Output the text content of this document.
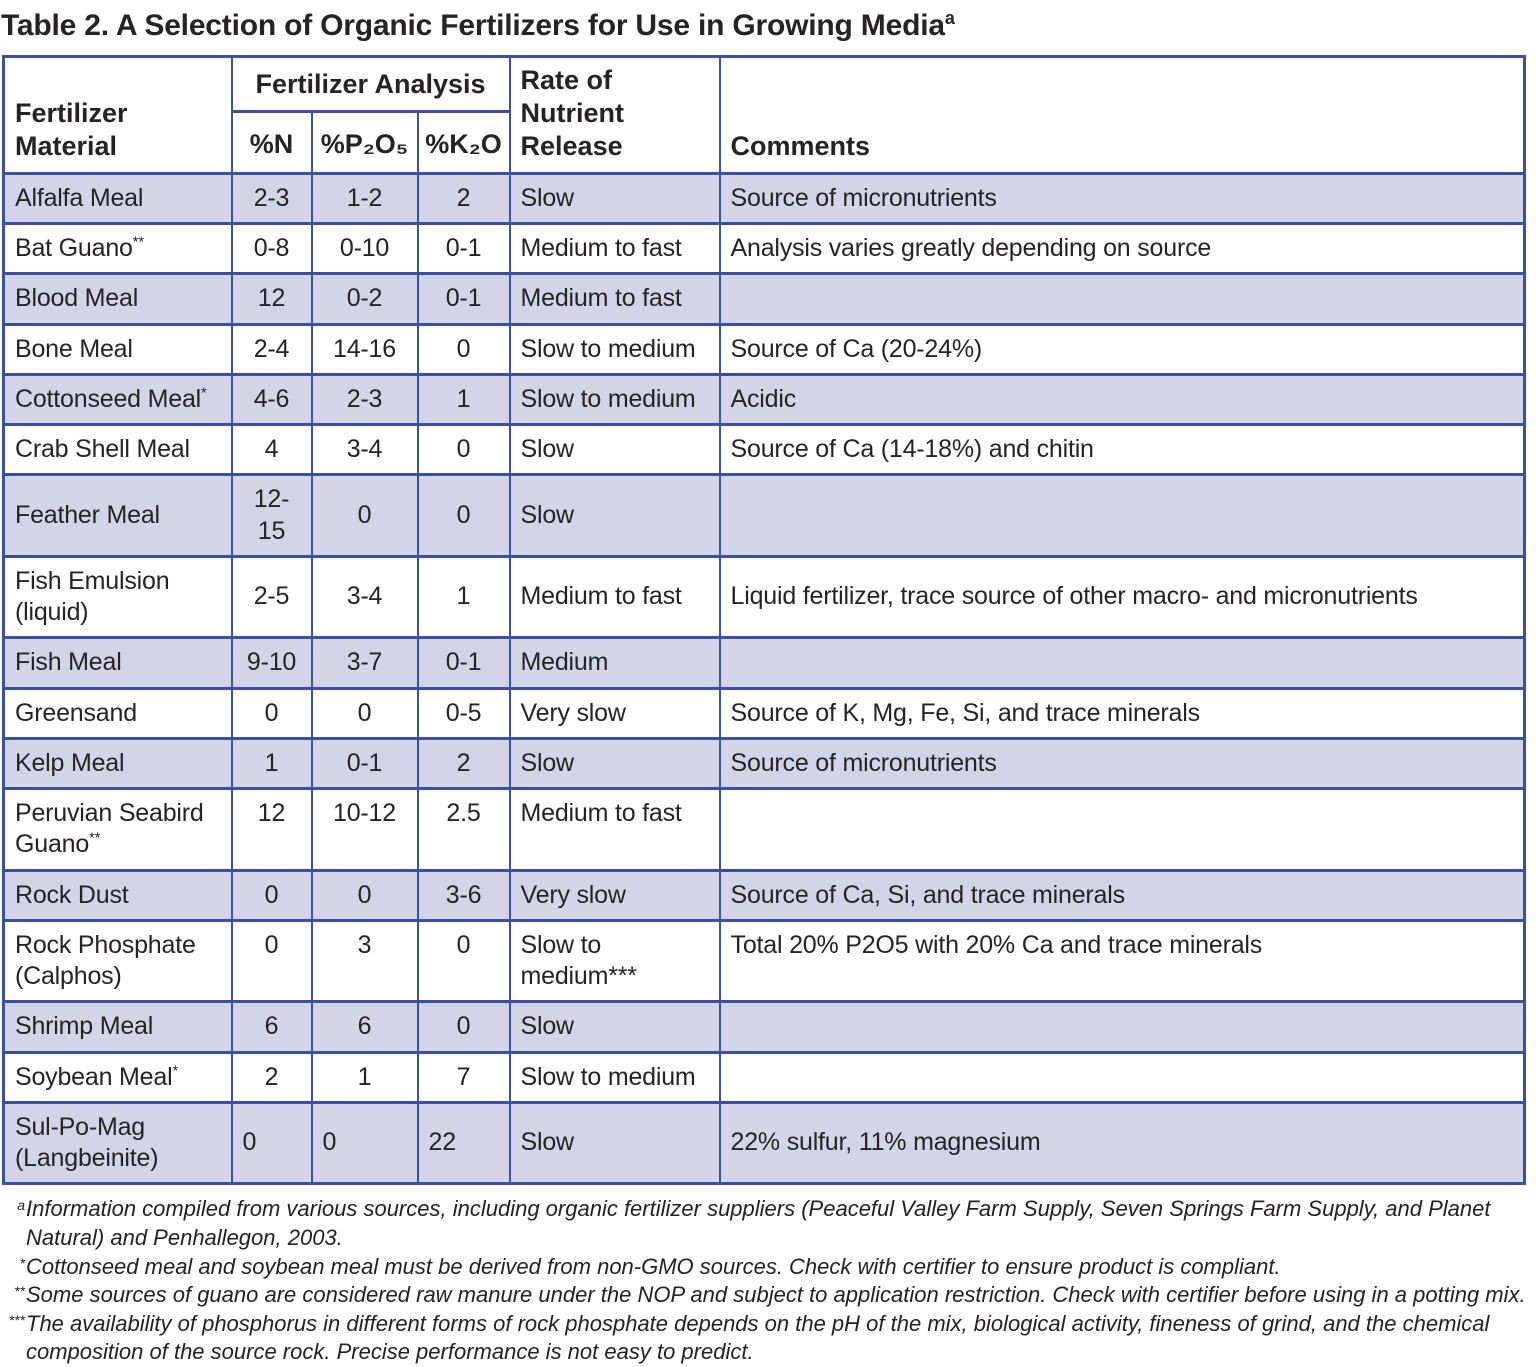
Table 2. A Selection of Organic Fertilizers for Use in Growing Media$^a$
Fertilizer Material	Fertilizer Analysis			Rate of Nutrient Release	Comments
	%N	%P₂O₅	%K₂O		
Alfalfa Meal	2-3	1-2	2	Slow	Source of micronutrients
Bat Guano**	0-8	0-10	0-1	Medium to fast	Analysis varies greatly depending on source
Blood Meal	12	0-2	0-1	Medium to fast	
Bone Meal	2-4	14-16	0	Slow to medium	Source of Ca (20-24%)
Cottonseed Meal*	4-6	2-3	1	Slow to medium	Acidic
Crab Shell Meal	4	3-4	0	Slow	Source of Ca (14-18%) and chitin
Feather Meal	12-15	0	0	Slow	
Fish Emulsion (liquid)	2-5	3-4	1	Medium to fast	Liquid fertilizer, trace source of other macro- and micronutrients
Fish Meal	9-10	3-7	0-1	Medium	
Greensand	0	0	0-5	Very slow	Source of K, Mg, Fe, Si, and trace minerals
Kelp Meal	1	0-1	2	Slow	Source of micronutrients
Peruvian Seabird Guano**	12	10-12	2.5	Medium to fast	
Rock Dust	0	0	3-6	Very slow	Source of Ca, Si, and trace minerals
Rock Phosphate (Calphos)	0	3	0	Slow to medium***	Total 20% P2O5 with 20% Ca and trace minerals
Shrimp Meal	6	6	0	Slow	
Soybean Meal*	2	1	7	Slow to medium	
Sul-Po-Mag (Langbeinite)	0	0	22	Slow	22% sulfur, 11% magnesium
$^a$Information compiled from various sources, including organic fertilizer suppliers (Peaceful Valley Farm Supply, Seven Springs Farm Supply, and Planet Natural) and Penhallegon, 2003.
*Cottonseed meal and soybean meal must be derived from non-GMO sources. Check with certifier to ensure product is compliant.
**Some sources of guano are considered raw manure under the NOP and subject to application restriction. Check with certifier before using in a potting mix.
***The availability of phosphorus in different forms of rock phosphate depends on the pH of the mix, biological activity, fineness of grind, and the chemical composition of the source rock. Precise performance is not easy to predict.
